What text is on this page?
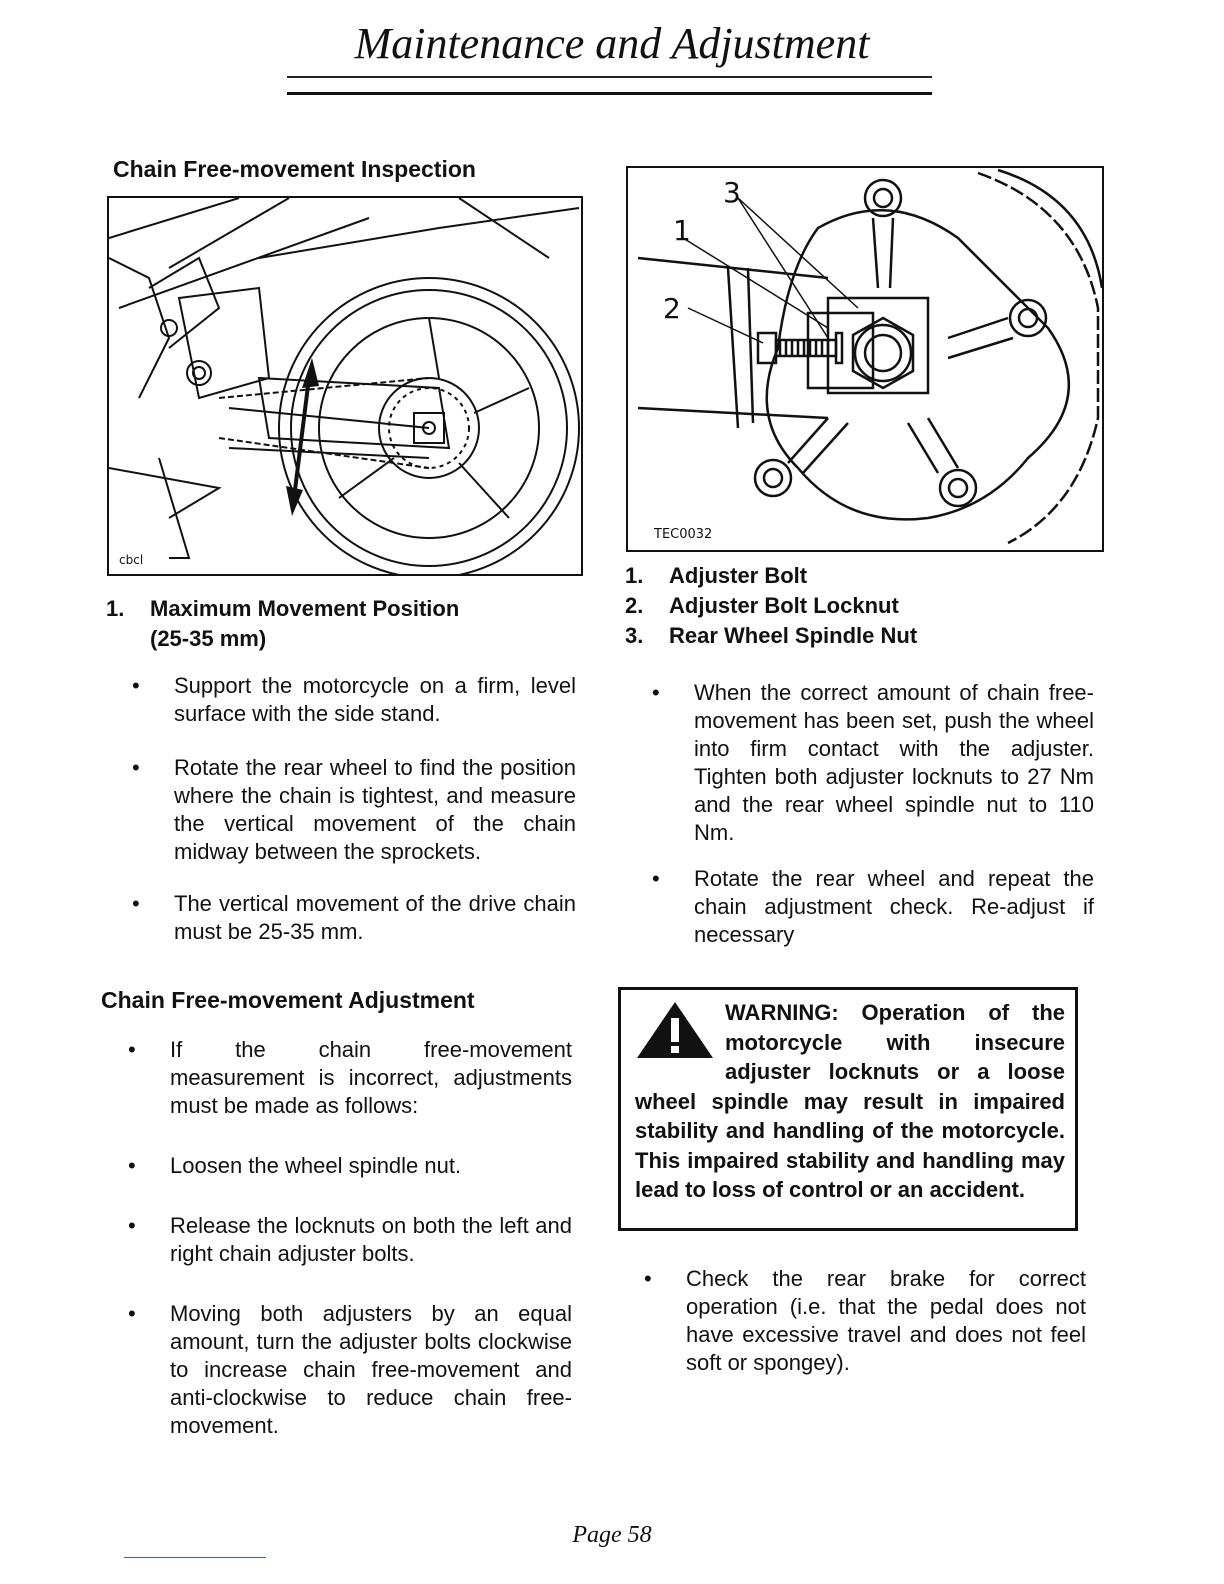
Maintenance and Adjustment
Chain Free-movement Inspection
cbcl
1.	Maximum Movement Position
(25-35 mm)
• Support the motorcycle on a firm, level surface with the side stand.
• Rotate the rear wheel to find the position where the chain is tightest, and measure the vertical movement of the chain midway between the sprockets.
• The vertical movement of the drive chain must be 25-35 mm.
Chain Free-movement Adjustment
• If the chain free-movement measurement is incorrect, adjustments must be made as follows:
• Loosen the wheel spindle nut.
• Release the locknuts on both the left and right chain adjuster bolts.
• Moving both adjusters by an equal amount, turn the adjuster bolts clockwise to increase chain free-movement and anti-clockwise to reduce chain free-movement.
1
2
3
TEC0032
1.	Adjuster Bolt
2.	Adjuster Bolt Locknut
3.	Rear Wheel Spindle Nut
• When the correct amount of chain free-movement has been set, push the wheel into firm contact with the adjuster. Tighten both adjuster locknuts to 27 Nm and the rear wheel spindle nut to 110 Nm.
• Rotate the rear wheel and repeat the chain adjustment check. Re-adjust if necessary
WARNING: Operation of the motorcycle with insecure adjuster locknuts or a loose wheel spindle may result in impaired stability and handling of the motorcycle. This impaired stability and handling may lead to loss of control or an accident.
• Check the rear brake for correct operation (i.e. that the pedal does not have excessive travel and does not feel soft or spongey).
Page 58
